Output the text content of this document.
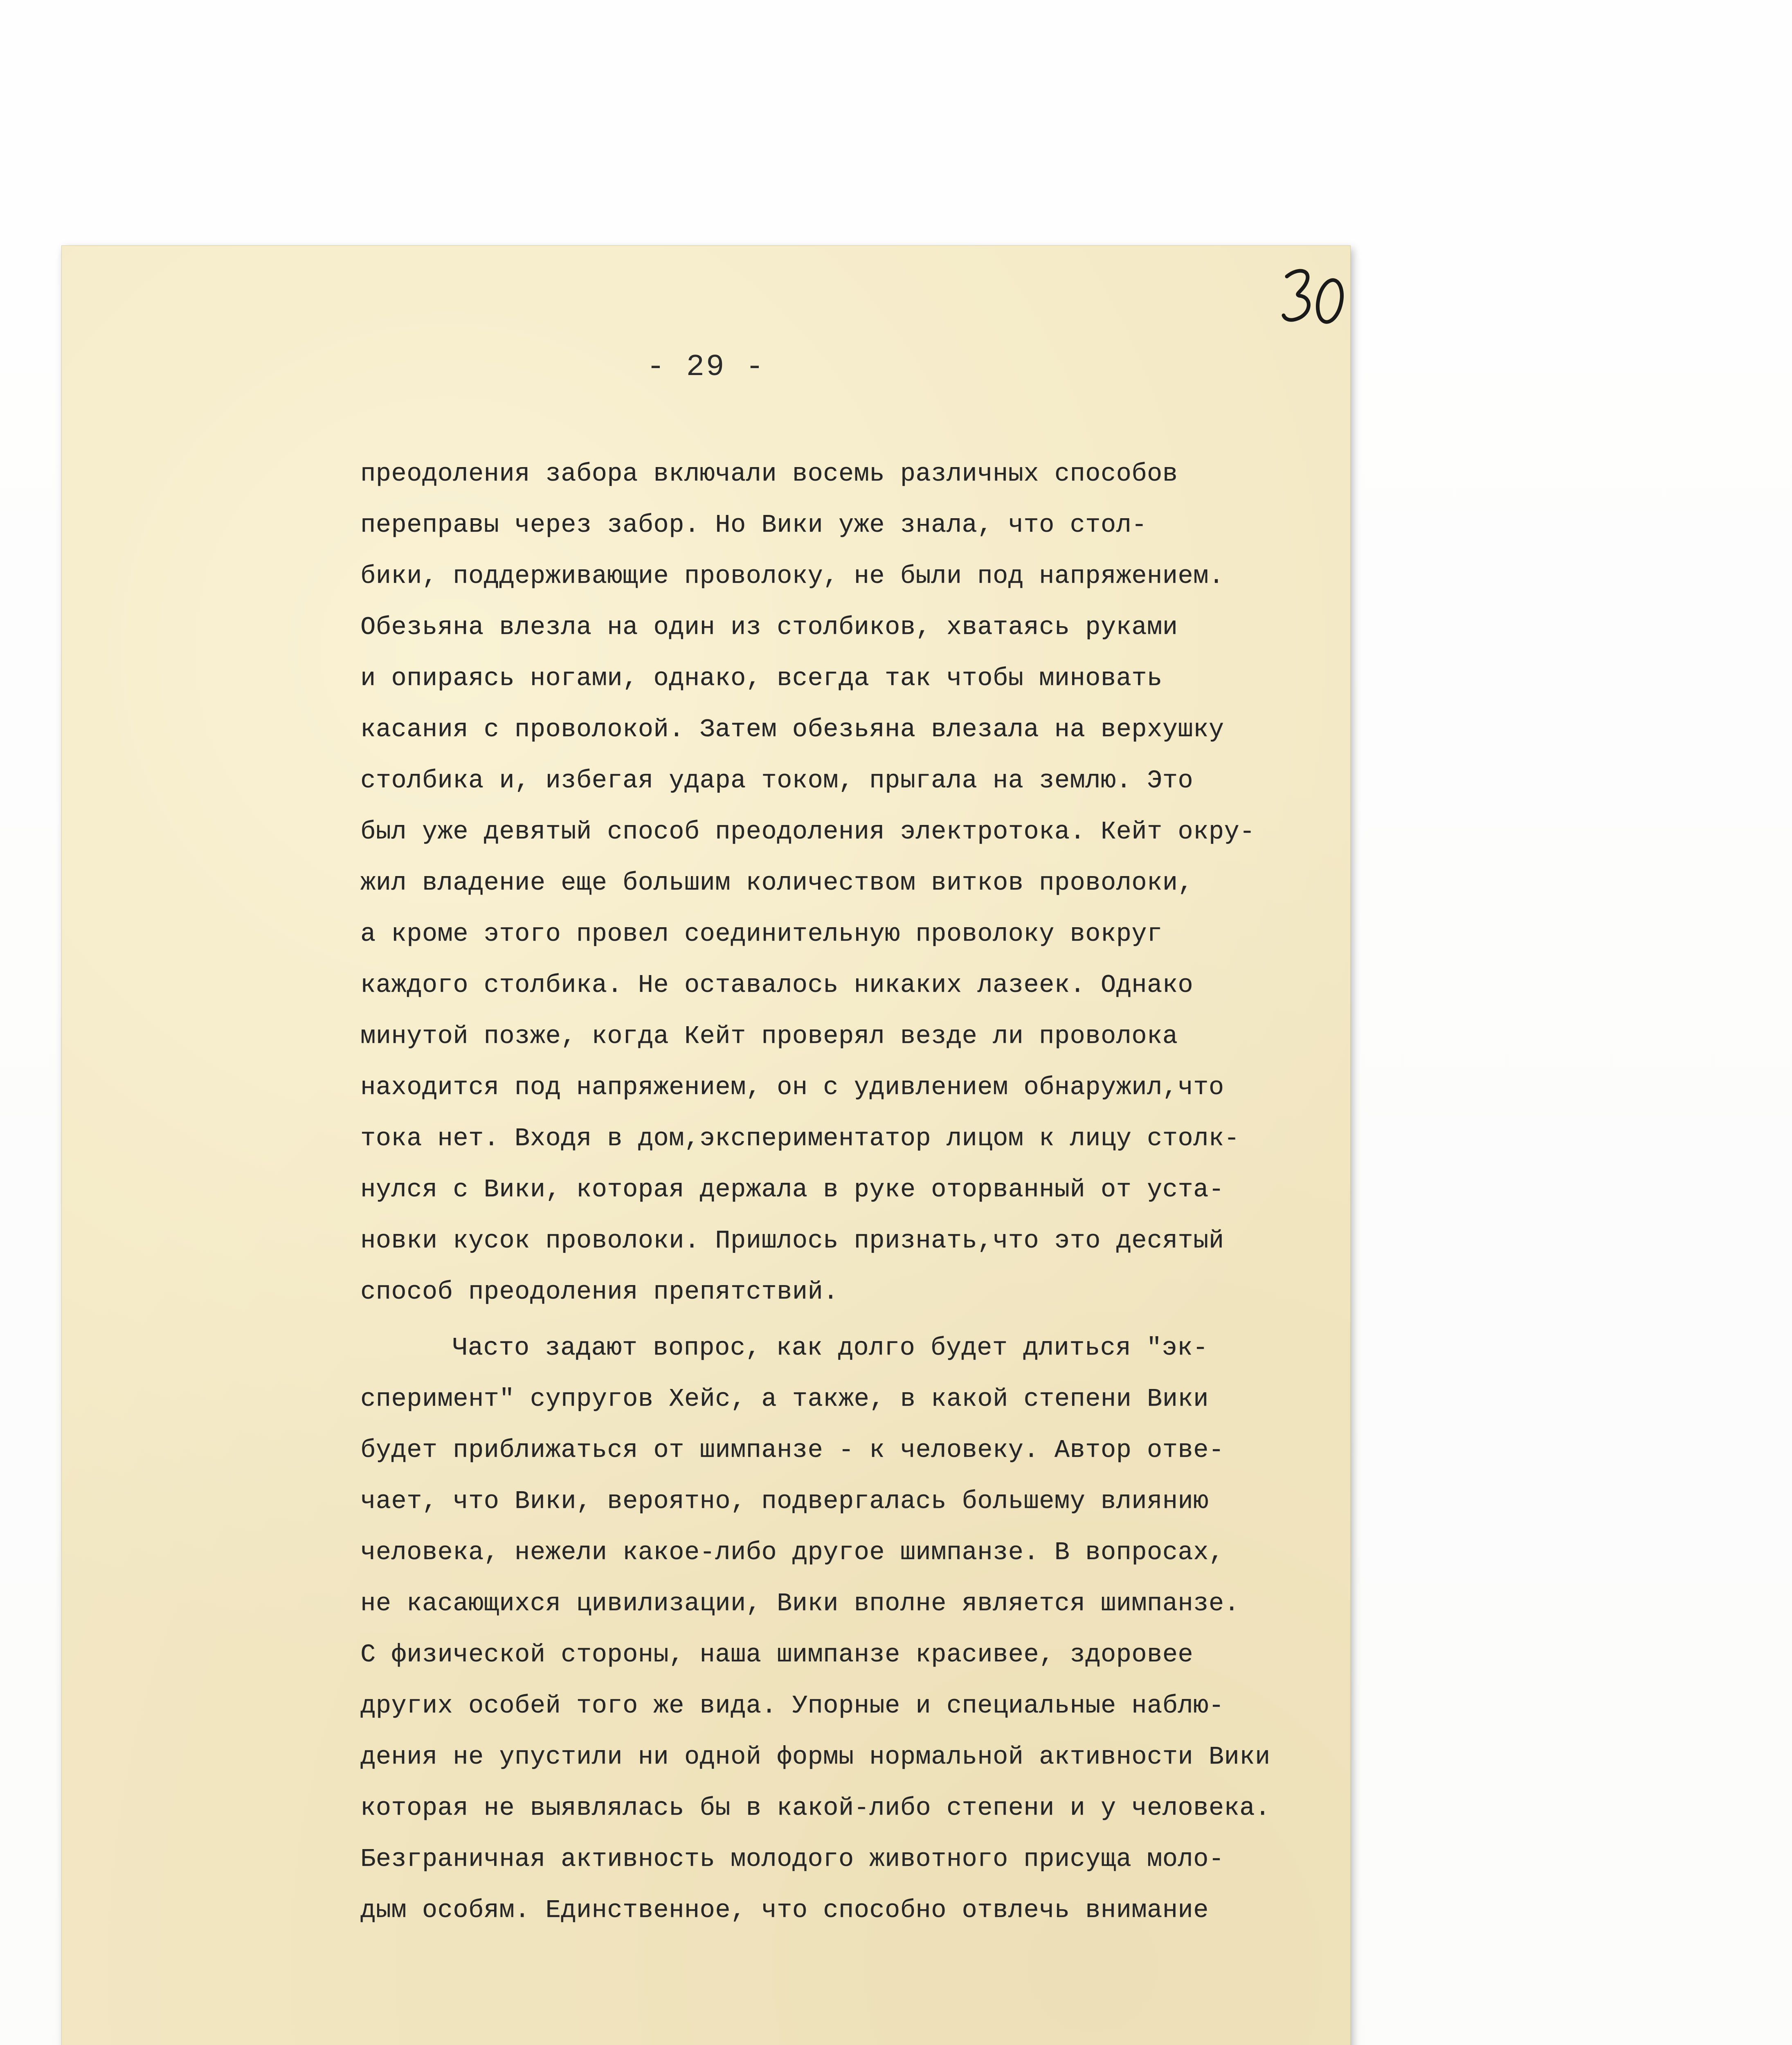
- 29 -
преодоления забора включали восемь различных способов
переправы через забор. Но Вики уже знала, что стол-
бики, поддерживающие проволоку, не были под напряжением.
Обезьяна влезла на один из столбиков, хватаясь руками
и опираясь ногами, однако, всегда так чтобы миновать
касания с проволокой. Затем обезьяна влезала на верхушку
столбика и, избегая удара током, прыгала на землю. Это
был уже девятый способ преодоления электротока. Кейт окру-
жил владение еще большим количеством витков проволоки,
а кроме этого провел соединительную проволоку вокруг
каждого столбика. Не оставалось никаких лазеек. Однако
минутой позже, когда Кейт проверял везде ли проволока
находится под напряжением, он с удивлением обнаружил,что
тока нет. Входя в дом,экспериментатор лицом к лицу столк-
нулся с Вики, которая держала в руке оторванный от уста-
новки кусок проволоки. Пришлось признать,что это десятый
способ преодоления препятствий.
Часто задают вопрос, как долго будет длиться "эк-
сперимент" супругов Хейс, а также, в какой степени Вики
будет приближаться от шимпанзе - к человеку. Автор отве-
чает, что Вики, вероятно, подвергалась большему влиянию
человека, нежели какое-либо другое шимпанзе. В вопросах,
не касающихся цивилизации, Вики вполне является шимпанзе.
С физической стороны, наша шимпанзе красивее, здоровее
других особей того же вида. Упорные и специальные наблю-
дения не упустили ни одной формы нормальной активности Вики
которая не выявлялась бы в какой-либо степени и у человека.
Безграничная активность молодого животного присуща моло-
дым особям. Единственное, что способно отвлечь внимание
